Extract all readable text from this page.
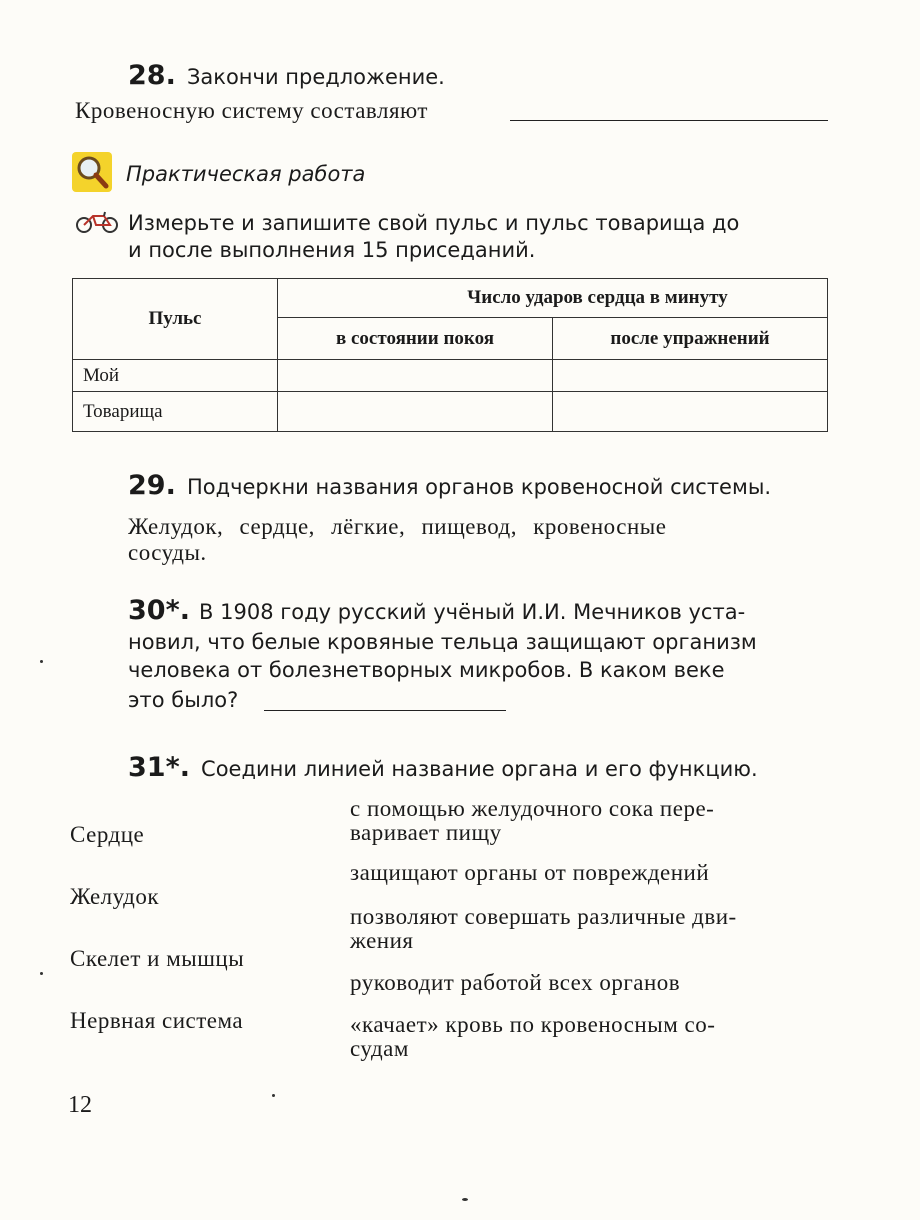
28. Закончи предложение.
Кровеносную систему составляют
Практическая работа
Измерьте и запишите свой пульс и пульс товарища до
и после выполнения 15 приседаний.
Пульс	Число ударов сердца в минуту	
	в состоянии покоя	после упражнений
Мой		
Товарища		
29. Подчеркни названия органов кровеносной системы.
Желудок, сердце, лёгкие, пищевод, кровеносные
сосуды.
30*. В 1908 году русский учёный И.И. Мечников уста-
новил, что белые кровяные тельца защищают организм
человека от болезнетворных микробов. В каком веке
это было?
31*. Соедини линией название органа и его функцию.
Сердце
Желудок
Скелет и мышцы
Нервная система
с помощью желудочного сока пере-
варивает пищу
защищают органы от повреждений
позволяют совершать различные дви-
жения
руководит работой всех органов
«качает» кровь по кровеносным со-
судам
12
